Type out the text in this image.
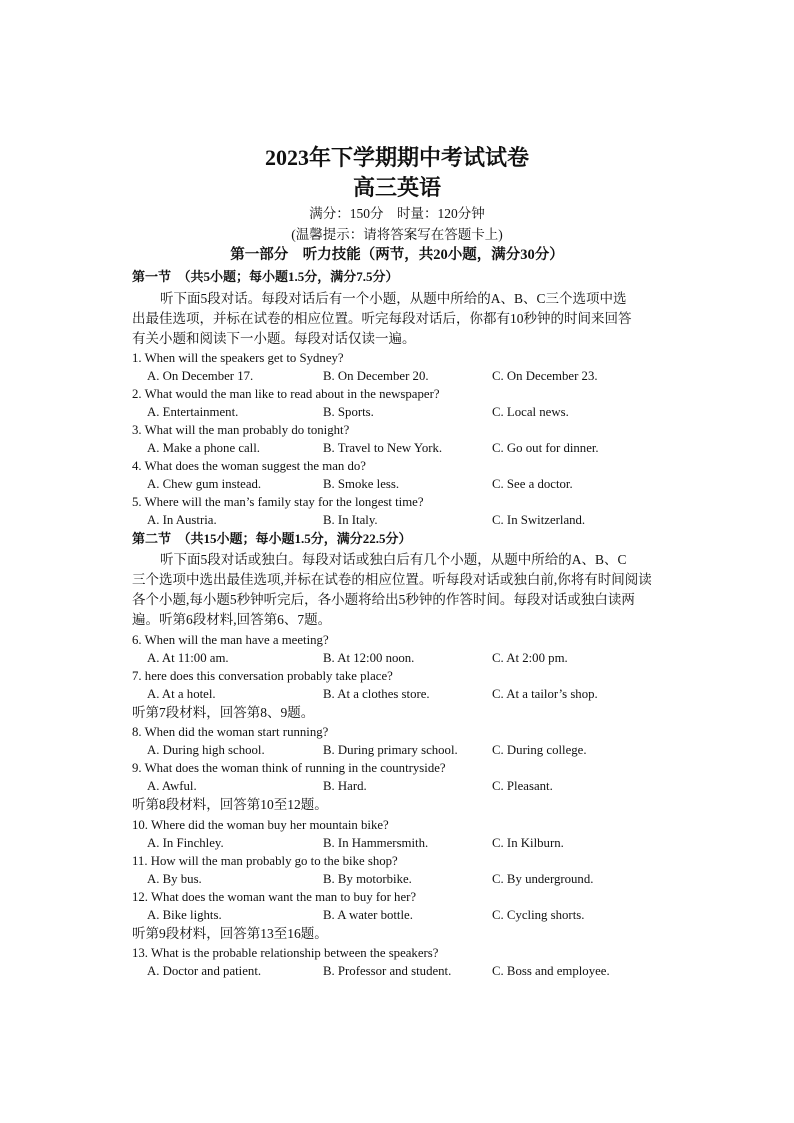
2023年下学期期中考试试卷
高三英语
满分：150分　时量：120分钟
(温馨提示：请将答案写在答题卡上)
第一部分　听力技能（两节，共20小题，满分30分）
第一节　（共5小题；每小题1.5分，满分7.5分）
听下面5段对话。每段对话后有一个小题，从题中所给的A、B、C三个选项中选
出最佳选项，并标在试卷的相应位置。听完每段对话后，你都有10秒钟的时间来回答
有关小题和阅读下一小题。每段对话仅读一遍。
1. When will the speakers get to Sydney?
A. On December 17.	B. On December 20.	C. On December 23.
2. What would the man like to read about in the newspaper?
A. Entertainment.	B. Sports.	C. Local news.
3. What will the man probably do tonight?
A. Make a phone call.	B. Travel to New York.	C. Go out for dinner.
4. What does the woman suggest the man do?
A. Chew gum instead.	B. Smoke less.	C. See a doctor.
5. Where will the man’s family stay for the longest time?
A. In Austria.	B. In Italy.	C. In Switzerland.
第二节　（共15小题；每小题1.5分，满分22.5分）
听下面5段对话或独白。每段对话或独白后有几个小题，从题中所给的A、B、C
三个选项中选出最佳选项,并标在试卷的相应位置。听每段对话或独白前,你将有时间阅读
各个小题,每小题5秒钟听完后，各小题将给出5秒钟的作答时间。每段对话或独白读两
遍。听第6段材料,回答第6、7题。
6. When will the man have a meeting?
A. At 11:00 am.	B. At 12:00 noon.	C. At 2:00 pm.
7. here does this conversation probably take place?
A. At a hotel.	B. At a clothes store.	C. At a tailor’s shop.
听第7段材料，回答第8、9题。
8. When did the woman start running?
A. During high school.	B. During primary school.	C. During college.
9. What does the woman think of running in the countryside?
A. Awful.	B. Hard.	C. Pleasant.
听第8段材料，回答第10至12题。
10. Where did the woman buy her mountain bike?
A. In Finchley.	B. In Hammersmith.	C. In Kilburn.
11. How will the man probably go to the bike shop?
A. By bus.	B. By motorbike.	C. By underground.
12. What does the woman want the man to buy for her?
A. Bike lights.	B. A water bottle.	C. Cycling shorts.
听第9段材料，回答第13至16题。
13. What is the probable relationship between the speakers?
A. Doctor and patient.	B. Professor and student.	C. Boss and employee.
